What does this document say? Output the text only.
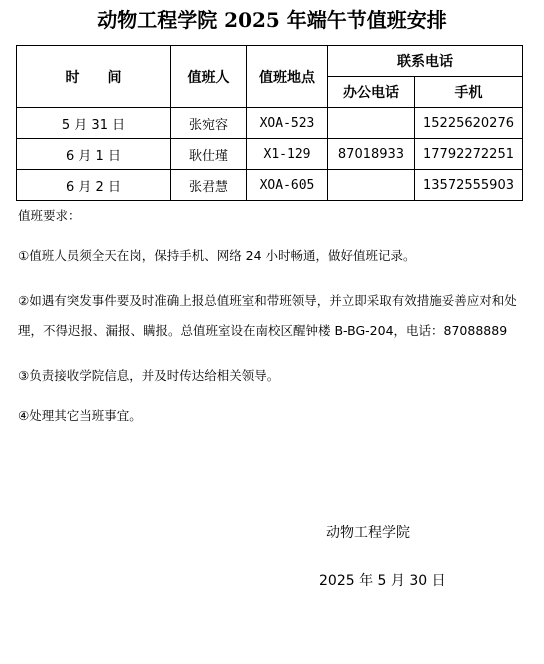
动物工程学院 2025 年端午节值班安排
时　　间	值班人	值班地点	联系电话	
			办公电话	手机
5 月 31 日	张宛容	XOA-523		15225620276
6 月 1 日	耿仕瑾	X1-129	87018933	17792272251
6 月 2 日	张君慧	XOA-605		13572555903

值班要求：

①值班人员须全天在岗，保持手机、网络 24 小时畅通，做好值班记录。

②如遇有突发事件要及时准确上报总值班室和带班领导，并立即采取有效措施妥善应对和处理，不得迟报、漏报、瞒报。总值班室设在南校区醒钟楼 B-BG-204，电话：87088889

③负责接收学院信息，并及时传达给相关领导。

④处理其它当班事宜。

动物工程学院
2025 年 5 月 30 日
